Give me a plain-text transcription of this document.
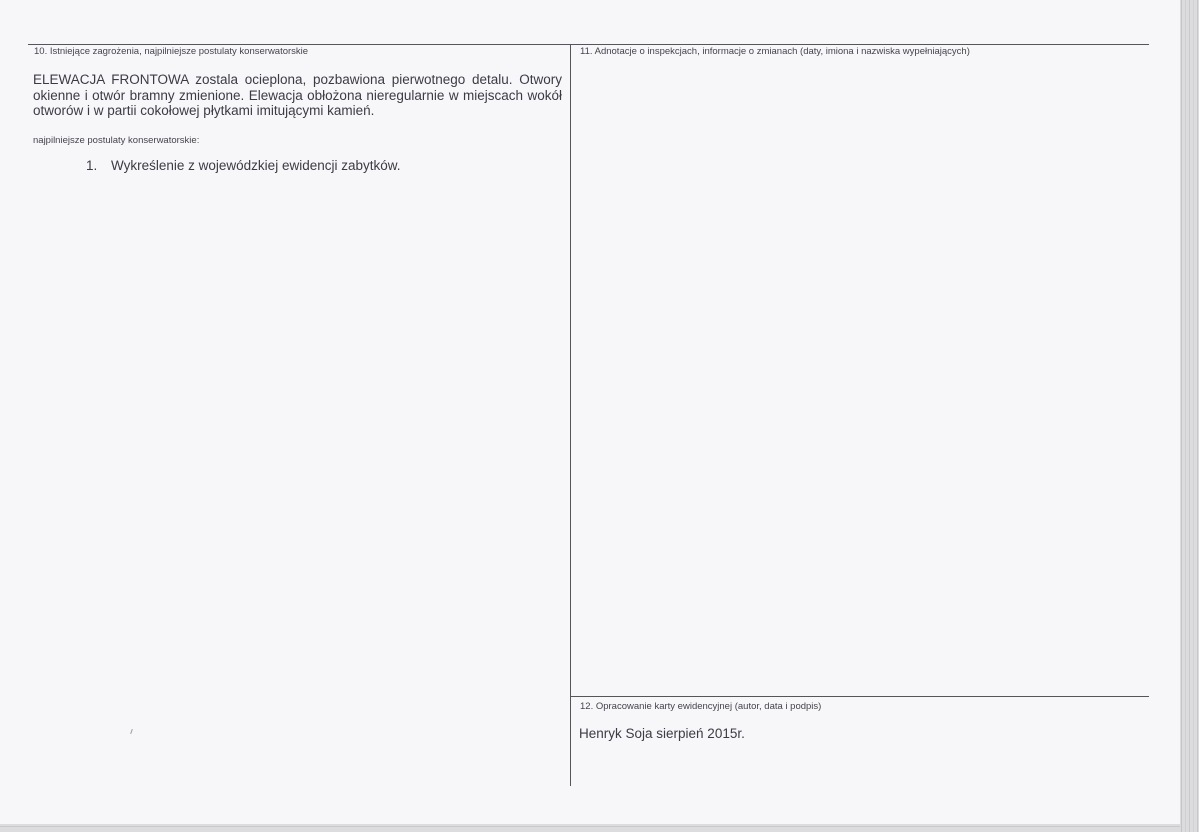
10. Istniejące zagrożenia, najpilniejsze postulaty konserwatorskie
ELEWACJA FRONTOWA zostala ocieplona, pozbawiona pierwotnego detalu. Otwory okienne i otwór bramny zmienione. Elewacja obłożona nieregularnie w miejscach wokół otworów i w partii cokołowej płytkami imitującymi kamień.
najpilniejsze postulaty konserwatorskie:
1. Wykreślenie z wojewódzkiej ewidencji zabytków.
11. Adnotacje o inspekcjach, informacje o zmianach (daty, imiona i nazwiska wypełniających)
12. Opracowanie karty ewidencyjnej (autor, data i podpis)
Henryk Soja sierpień 2015r.
